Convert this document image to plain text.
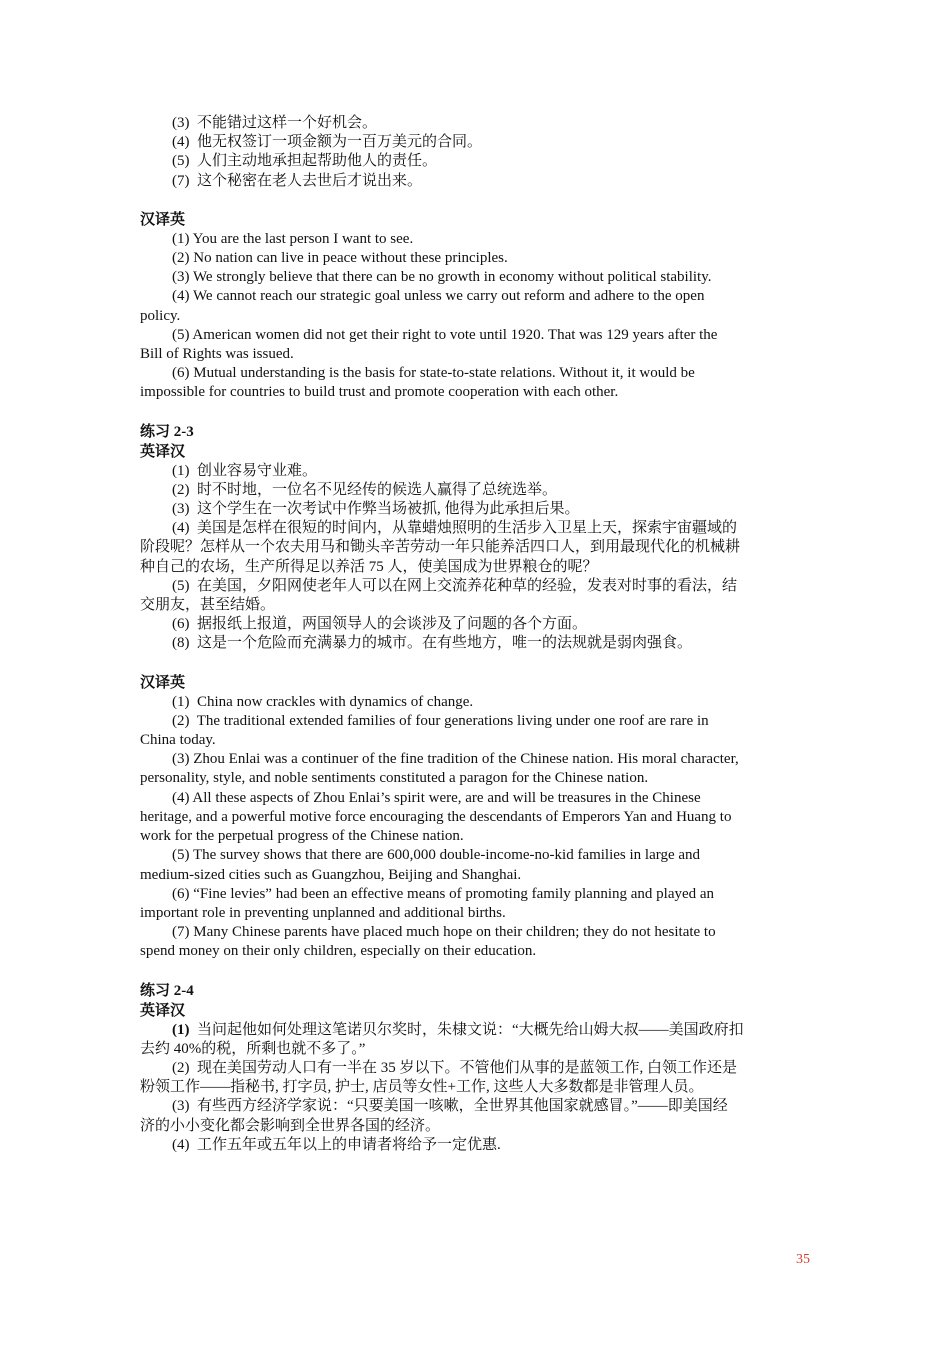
(3)  不能错过这样一个好机会。
(4)  他无权签订一项金额为一百万美元的合同。
(5)  人们主动地承担起帮助他人的责任。
(7)  这个秘密在老人去世后才说出来。
汉译英
(1) You are the last person I want to see.
(2) No nation can live in peace without these principles.
(3) We strongly believe that there can be no growth in economy without political stability.
(4) We cannot reach our strategic goal unless we carry out reform and adhere to the open
policy.
(5) American women did not get their right to vote until 1920. That was 129 years after the
Bill of Rights was issued.
(6) Mutual understanding is the basis for state-to-state relations. Without it, it would be
impossible for countries to build trust and promote cooperation with each other.
练习 2-3
英译汉
(1)  创业容易守业难。
(2)  时不时地，一位名不见经传的候选人赢得了总统选举。
(3)  这个学生在一次考试中作弊当场被抓, 他得为此承担后果。
(4)  美国是怎样在很短的时间内，从靠蜡烛照明的生活步入卫星上天，探索宇宙疆域的
阶段呢？怎样从一个农夫用马和锄头辛苦劳动一年只能养活四口人，到用最现代化的机械耕
种自己的农场，生产所得足以养活 75 人，使美国成为世界粮仓的呢？
(5)  在美国，夕阳网使老年人可以在网上交流养花种草的经验，发表对时事的看法，结
交朋友，甚至结婚。
(6)  据报纸上报道，两国领导人的会谈涉及了问题的各个方面。
(8)  这是一个危险而充满暴力的城市。在有些地方，唯一的法规就是弱肉强食。
汉译英
(1)  China now crackles with dynamics of change.
(2)  The traditional extended families of four generations living under one roof are rare in
China today.
(3) Zhou Enlai was a continuer of the fine tradition of the Chinese nation. His moral character,
personality, style, and noble sentiments constituted a paragon for the Chinese nation.
(4) All these aspects of Zhou Enlai’s spirit were, are and will be treasures in the Chinese
heritage, and a powerful motive force encouraging the descendants of Emperors Yan and Huang to
work for the perpetual progress of the Chinese nation.
(5) The survey shows that there are 600,000 double-income-no-kid families in large and
medium-sized cities such as Guangzhou, Beijing and Shanghai.
(6) “Fine levies” had been an effective means of promoting family planning and played an
important role in preventing unplanned and additional births.
(7) Many Chinese parents have placed much hope on their children; they do not hesitate to
spend money on their only children, especially on their education.
练习 2-4
英译汉
(1)  当问起他如何处理这笔诺贝尔奖时，朱棣文说：“大概先给山姆大叔——美国政府扣
去约 40%的税，所剩也就不多了。”
(2)  现在美国劳动人口有一半在 35 岁以下。不管他们从事的是蓝领工作, 白领工作还是
粉领工作——指秘书, 打字员, 护士, 店员等女性+工作, 这些人大多数都是非管理人员。
(3)  有些西方经济学家说：“只要美国一咳嗽，全世界其他国家就感冒。”——即美国经
济的小小变化都会影响到全世界各国的经济。
(4)  工作五年或五年以上的申请者将给予一定优惠.
35
